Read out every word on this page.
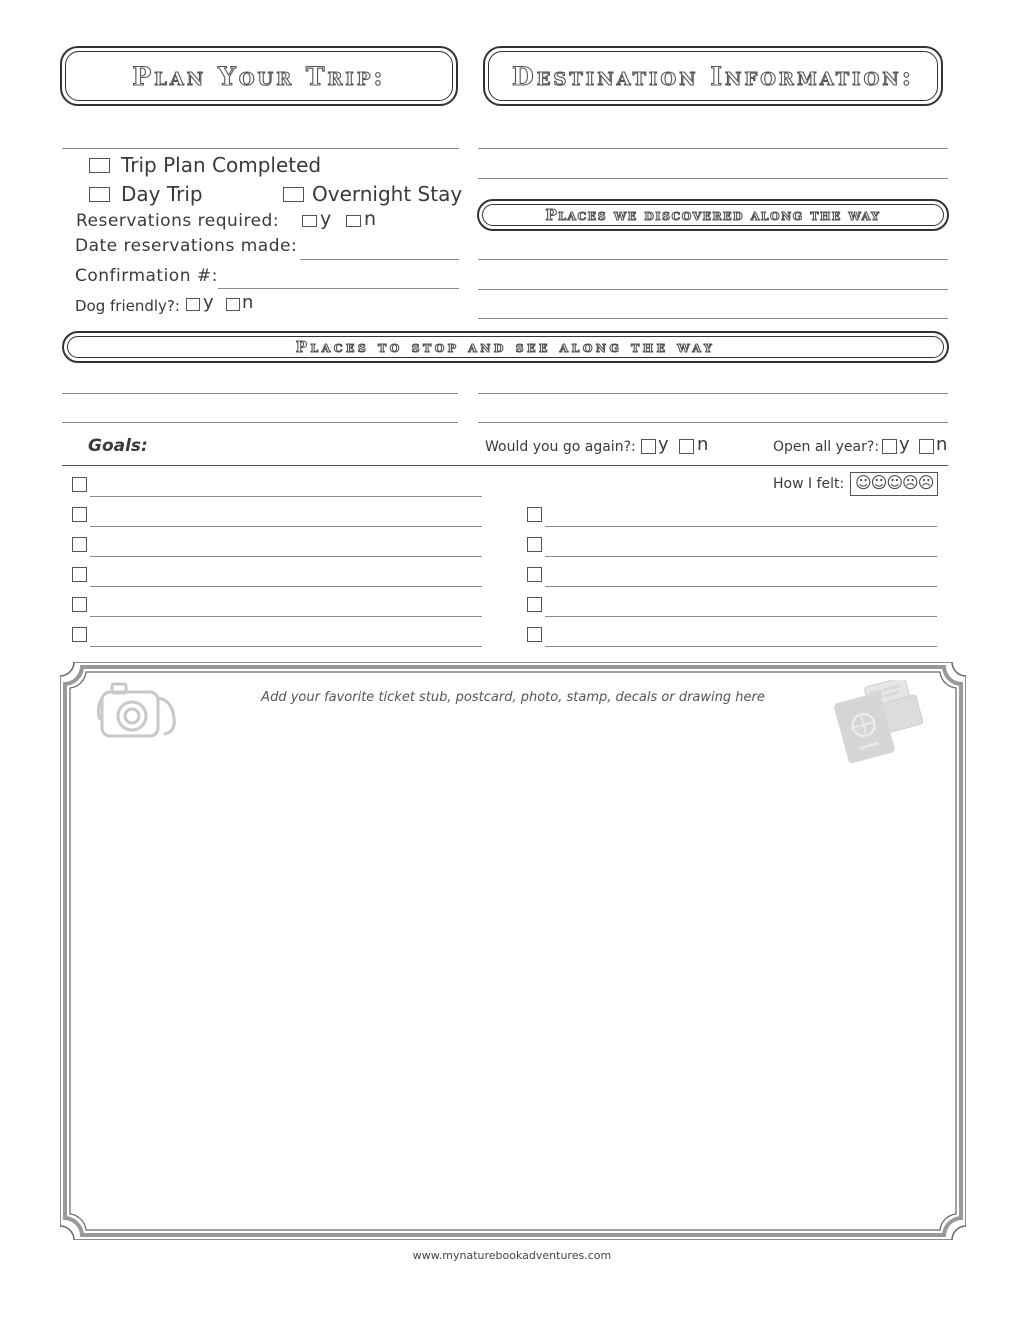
Plan Your Trip:	Destination Information:
Trip Plan Completed
Day Trip	Overnight Stay
Reservations required: y n
Date reservations made:
Confirmation #:
Dog friendly?: y n
Places we discovered along the way
Places to stop and see along the way
Goals:	Would you go again?: y n	Open all year?: y n
How I felt: ☺☺☺☹☹
Add your favorite ticket stub, postcard, photo, stamp, decals or drawing here
www.mynaturebookadventures.com
